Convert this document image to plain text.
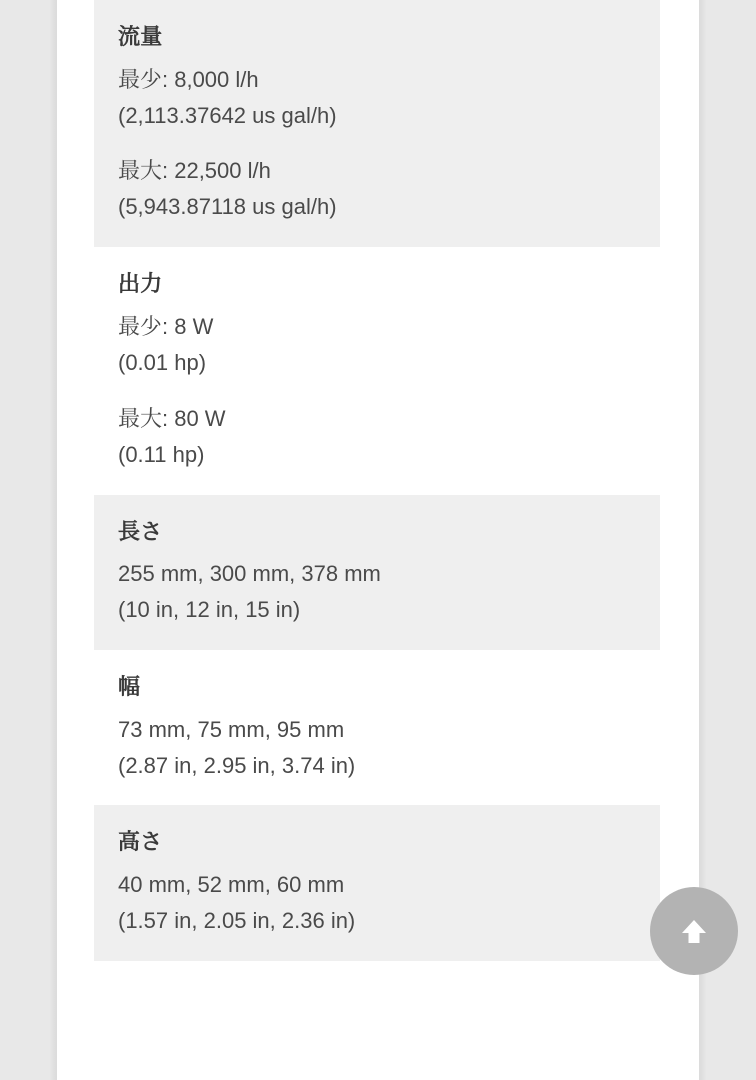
流量
最少: 8,000 l/h
(2,113.37642 us gal/h)
最大: 22,500 l/h
(5,943.87118 us gal/h)
出力
最少: 8 W
(0.01 hp)
最大: 80 W
(0.11 hp)
長さ
255 mm, 300 mm, 378 mm
(10 in, 12 in, 15 in)
幅
73 mm, 75 mm, 95 mm
(2.87 in, 2.95 in, 3.74 in)
高さ
40 mm, 52 mm, 60 mm
(1.57 in, 2.05 in, 2.36 in)
